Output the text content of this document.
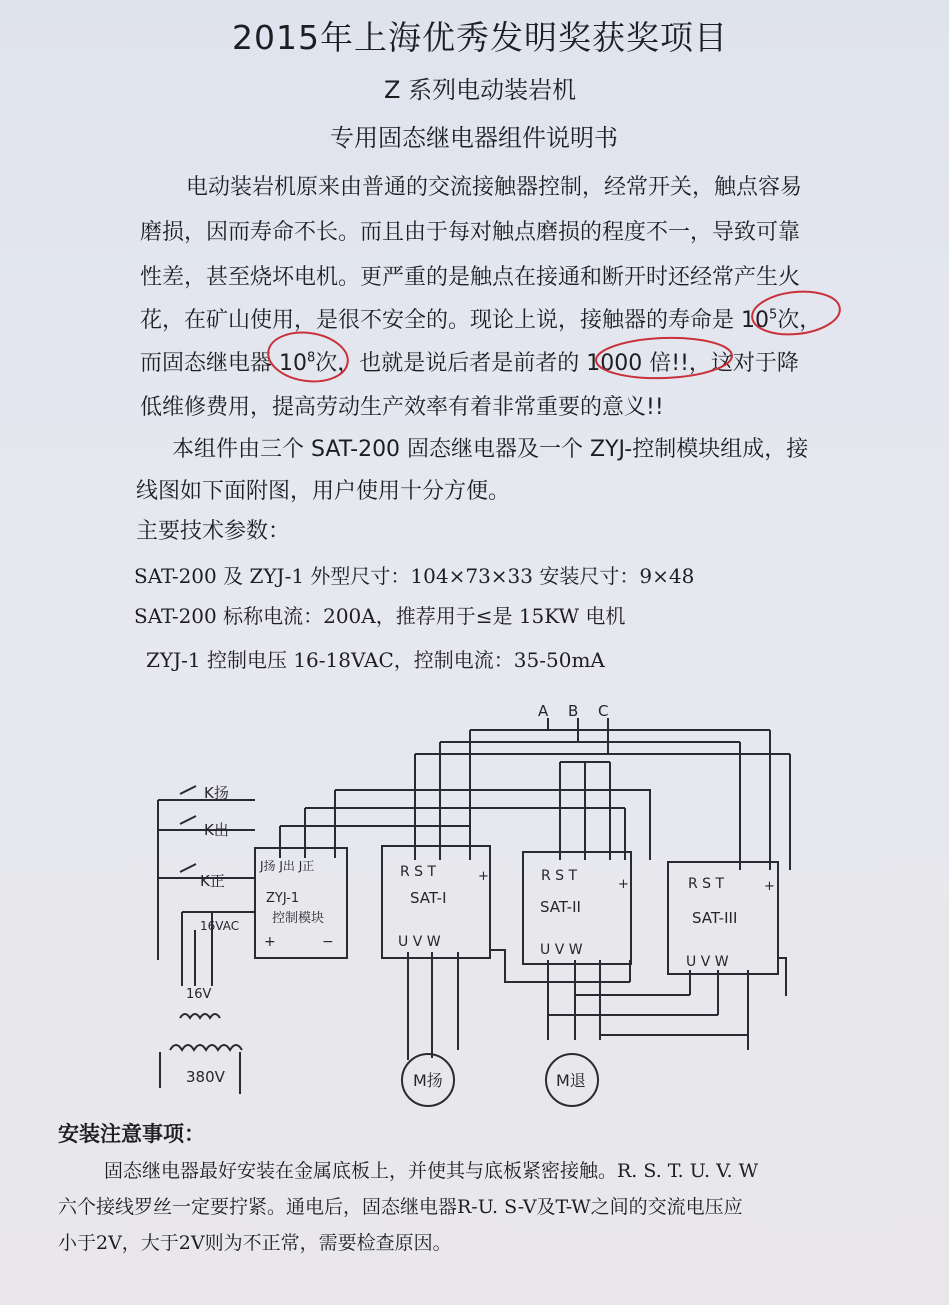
2015年上海优秀发明奖获奖项目
Z 系列电动装岩机
专用固态继电器组件说明书
电动装岩机原来由普通的交流接触器控制，经常开关，触点容易
磨损，因而寿命不长。而且由于每对触点磨损的程度不一，导致可靠
性差，甚至烧坏电机。更严重的是触点在接通和断开时还经常产生火
花，在矿山使用，是很不安全的。现论上说，接触器的寿命是 $10^5$次，
而固态继电器 $10^8$次，也就是说后者是前者的 1000 倍!!，这对于降
低维修费用，提高劳动生产效率有着非常重要的意义!!
本组件由三个 SAT-200 固态继电器及一个 ZYJ-控制模块组成，接
线图如下面附图，用户使用十分方便。
主要技术参数：
SAT-200 及 ZYJ-1 外型尺寸：104×73×33 安装尺寸：9×48
SAT-200 标称电流：200A，推荐用于≤是 15KW 电机
ZYJ-1 控制电压 16-18VAC，控制电流：35-50mA
A B C
R S T
SAT-I
U V W
R S T
SAT-II
U V W
R S T
SAT-III
U V W
+
+	+
J扬 J出 J正
ZYJ-1
控制模块
+	−
16VAC
K扬
K出
K正
16V
380V	M扬	M退
安装注意事项：
固态继电器最好安装在金属底板上，并使其与底板紧密接触。R. S. T. U. V. W
六个接线罗丝一定要拧紧。通电后，固态继电器R-U. S-V及T-W之间的交流电压应
小于2V，大于2V则为不正常，需要检查原因。
